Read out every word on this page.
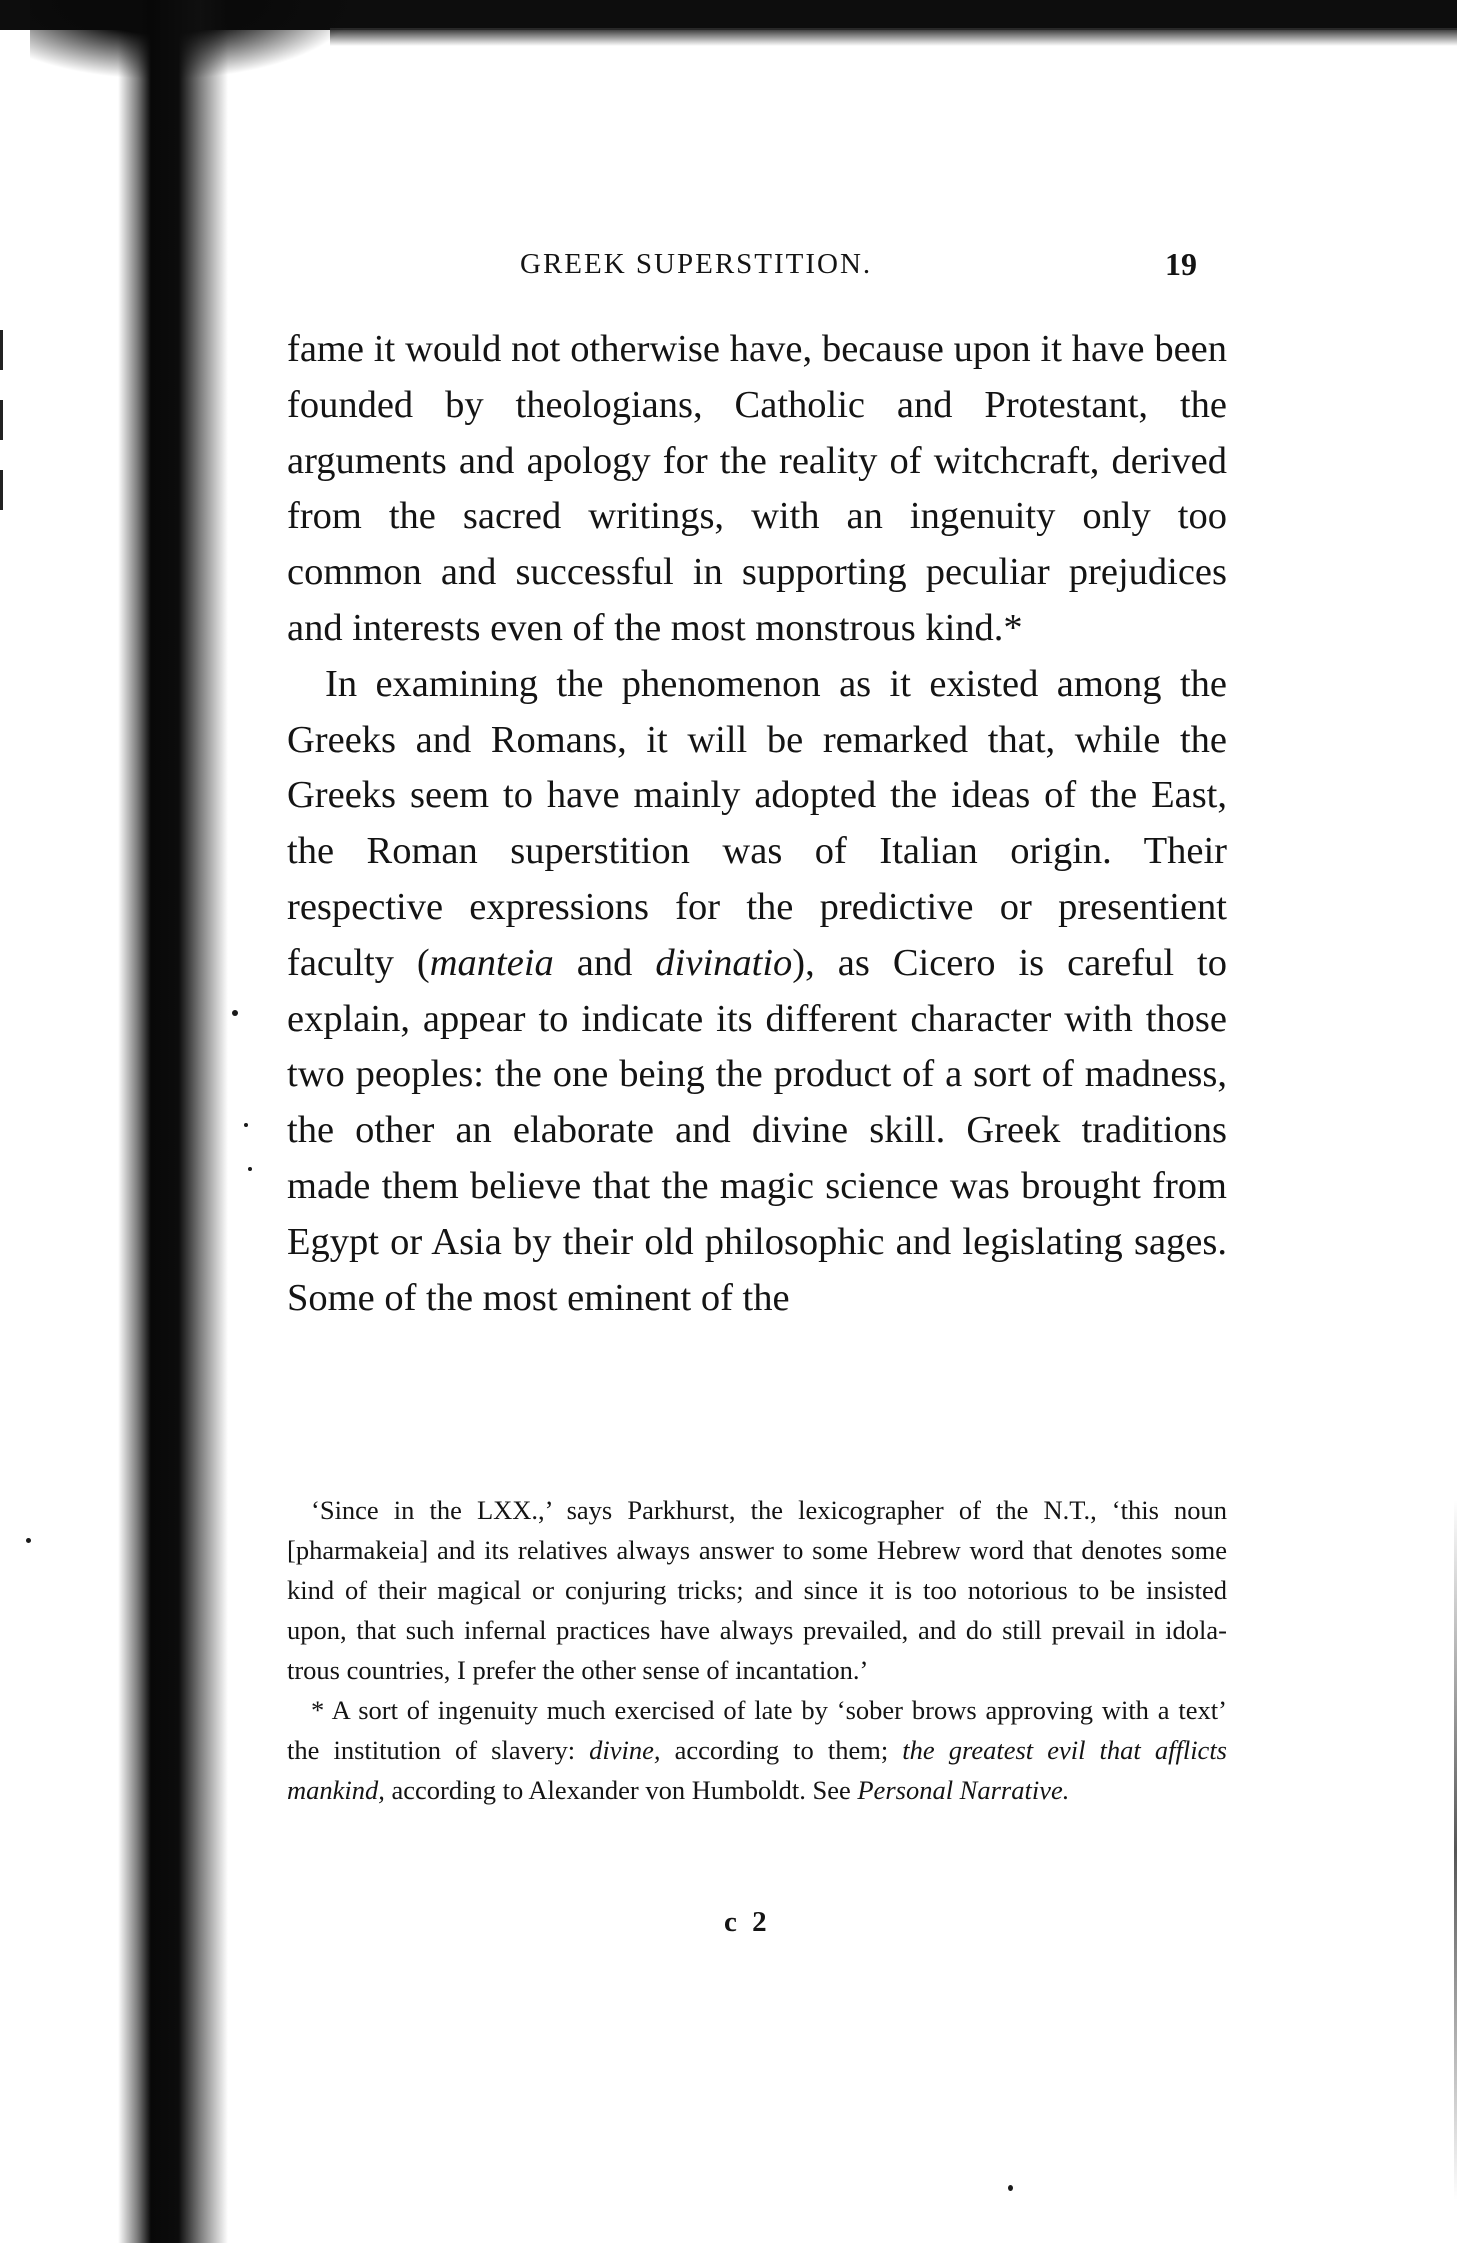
GREEK SUPERSTITION.	19

fame it would not otherwise have, because upon it have been founded by theologians, Catholic and Protestant, the arguments and apology for the reality of witchcraft, derived from the sacred writings, with an ingenuity only too common and successful in supporting peculiar prejudices and interests even of the most monstrous kind.*

In examining the phenomenon as it existed among the Greeks and Romans, it will be remarked that, while the Greeks seem to have mainly adopted the ideas of the East, the Roman superstition was of Italian origin. Their respective expressions for the predictive or presentient faculty (manteia and divinatio), as Cicero is careful to explain, appear to indicate its different character with those two peoples: the one being the product of a sort of madness, the other an elaborate and divine skill. Greek traditions made them believe that the magic science was brought from Egypt or Asia by their old philosophic and legislating sages. Some of the most eminent of the

‘Since in the LXX.,’ says Parkhurst, the lexicographer of the N.T., ‘this noun [pharmakeia] and its relatives always answer to some Hebrew word that denotes some kind of their magical or conjuring tricks; and since it is too notorious to be insisted upon, that such infernal practices have always prevailed, and do still prevail in idolatrous countries, I prefer the other sense of incantation.’

* A sort of ingenuity much exercised of late by ‘sober brows approving with a text’ the institution of slavery: divine, according to them; the greatest evil that afflicts mankind, according to Alexander von Humboldt. See Personal Narrative.

c 2
